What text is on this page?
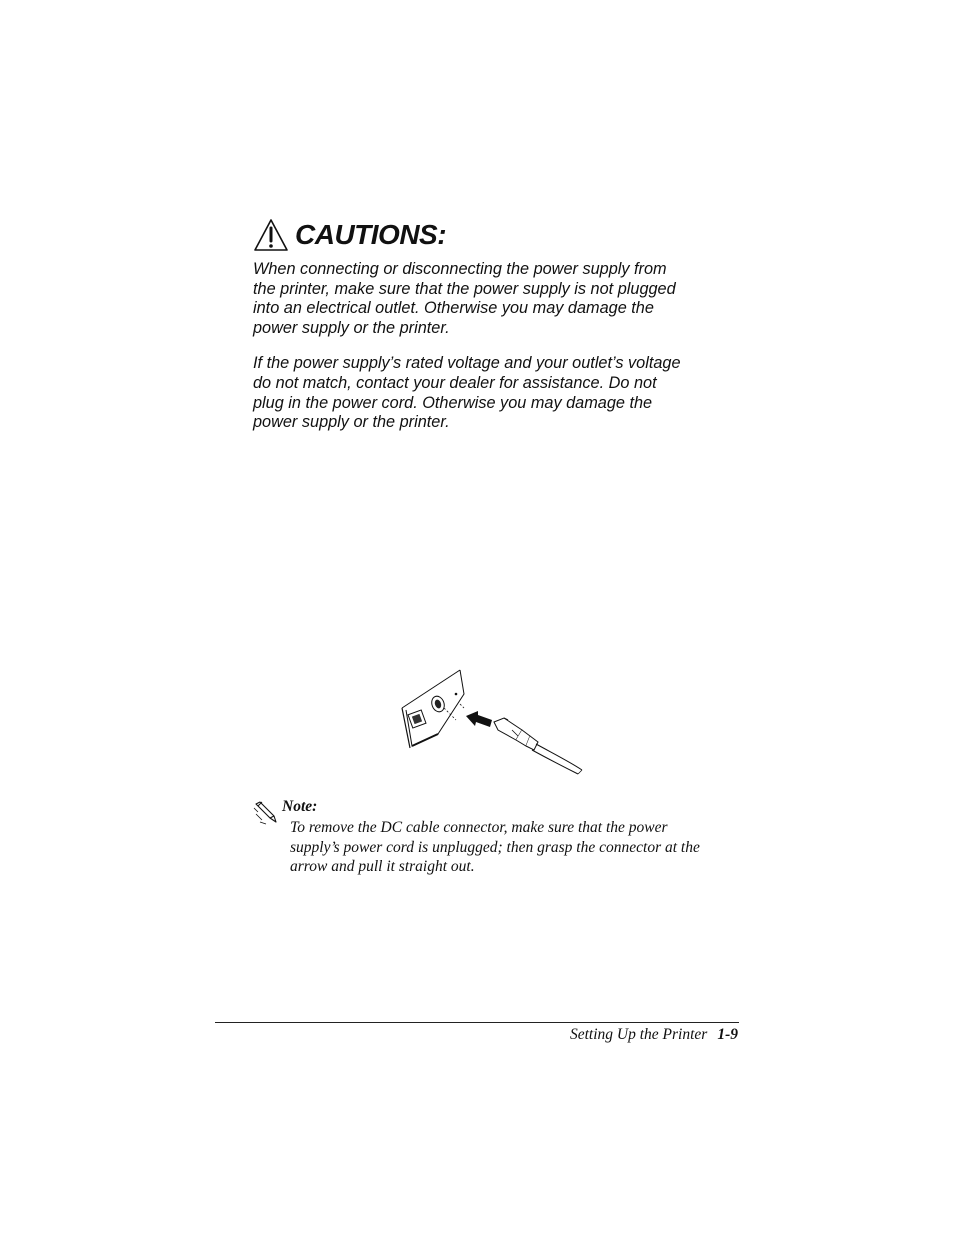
CAUTIONS:

When connecting or disconnecting the power supply from
the printer, make sure that the power supply is not plugged
into an electrical outlet. Otherwise you may damage the
power supply or the printer.

If the power supply’s rated voltage and your outlet’s voltage
do not match, contact your dealer for assistance. Do not
plug in the power cord. Otherwise you may damage the
power supply or the printer.

Note:

To remove the DC cable connector, make sure that the power
supply’s power cord is unplugged; then grasp the connector at the
arrow and pull it straight out.

Setting Up the Printer 1-9
